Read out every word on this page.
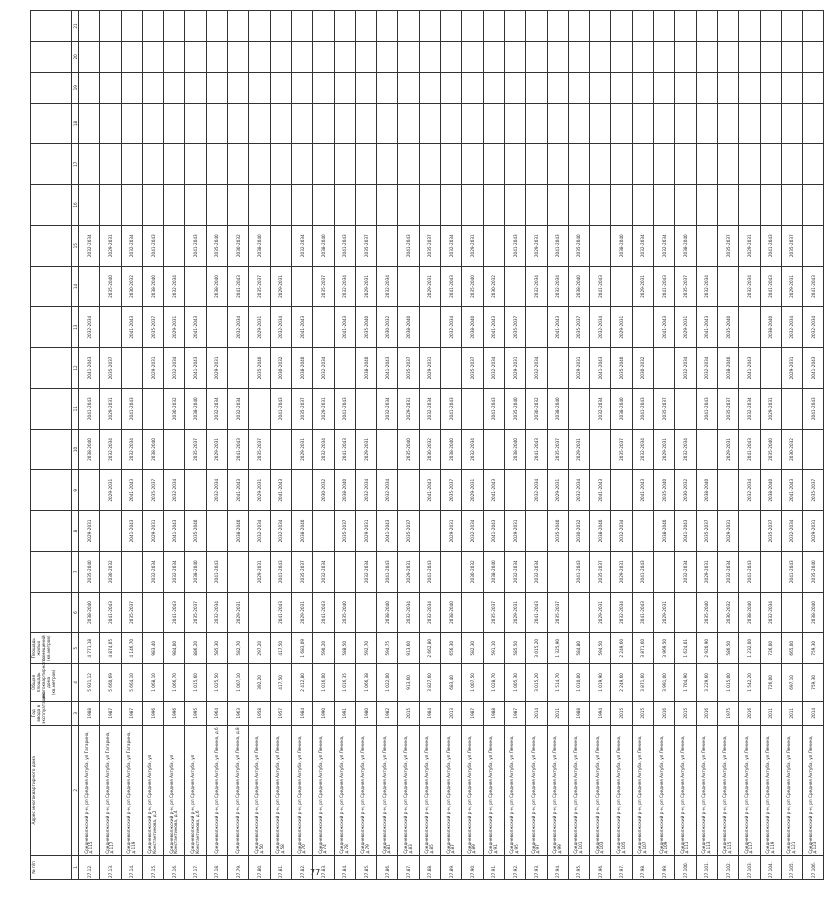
77
№ п/п	Адрес многоквартирного дома	Год ввода в эксплуатацию	Общая площадь многоквартирного дома (кв.метров)	Площадь жилых помещений (кв.метров)																
1	2	3	4	5	6	7	8	9	10	11	12	13	14	15	16	17	18	19	20	21
27.12.	Средневолжский р-н, рп Средняя Ахтуба, ул Гагарина, д.115	1988	5 921,12	4 771,18	2038-2040	2035-2040	2029-2031		2038-2040	2041-2043	2041-2043	2032-2034		2032-2034						
27.13.	Средневолжский р-н, рп Средняя Ахтуба, ул Гагарина, д.117	1987	5 660,69	4 874,05	2041-2043	2030-2032		2029-2031	2032-2034	2029-2031	2035-2037		2035-2040	2029-2031						
27.14.	Средневолжский р-н, рп Средняя Ахтуба, ул Гагарина, д.119	1987	5 664,10	4 146,70	2035-2037		2041-2043	2041-2043	2032-2034	2041-2043		2041-2043	2030-2032	2032-2034						
27.15.	Средневолжский р-н, рп Средняя Ахтуба, ул Константинова, д.2	1996	1 068,10	983,40		2032-2034	2029-2031	2035-2037	2038-2040		2029-2031	2035-2037	2038-2040	2041-2043						
27.16.	Средневолжский р-н, рп Средняя Ахтуба, ул Константинова, д.4	1996	1 066,70	984,00	2041-2043	2032-2034	2041-2043	2032-2034		2030-2032	2032-2034	2029-2031	2032-2034							
27.17.	Средневолжский р-н, рп Средняя Ахтуба, ул Константинова, д.6	1995	1 015,60	886,20	2035-2037	2038-2040	2035-2040		2035-2037	2038-2040	2041-2043	2041-2043		2041-2043						
27.18.	Средневолжский р-н, рп Средняя Ахтуба, ул Ленина, д.6	1964	1 025,50	585,30	2032-2034	2041-2043		2032-2034	2029-2031	2032-2034	2029-2031		2038-2040	2035-2040						
27.79.	Средневолжский р-н, рп Средняя Ахтуба, ул Ленина, д.8	1963	1 007,10	582,70	2029-2031		2038-2040	2041-2043	2041-2043	2032-2034		2032-2034	2041-2043	2030-2032						
27.80.	Средневолжский р-н, рп Средняя Ахтуба, ул Ленина, д.50	1958	392,20	297,20		2029-2031	2032-2034	2029-2031	2035-2037		2035-2040	2029-2031	2035-2037	2038-2040						
27.81.	Средневолжский р-н, рп Средняя Ахтуба, ул Ленина, д.58	1957	417,50	417,50	2041-2043	2041-2043	2032-2034	2041-2043		2041-2043	2030-2032	2032-2034	2029-2031							
27.82.	Средневолжский р-н, рп Средняя Ахтуба, ул Ленина, д.70	1984	2 412,80	1 683,09	2029-2031	2035-2037	2038-2040		2029-2031	2035-2037	2038-2040	2041-2043		2032-2034						
27.83.	Средневолжский р-н, рп Средняя Ахтуба, ул Ленина, д.74	1990	1 016,00	590,20	2041-2043	2032-2034		2030-2032	2032-2034	2029-2031	2032-2034		2035-2037	2038-2040						
27.84.	Средневолжский р-н, рп Средняя Ахтуба, ул Ленина, д.78	1991	1 016,35	588,50	2035-2040		2035-2037	2038-2040	2041-2043	2041-2043		2041-2043	2032-2034	2041-2043						
27.85.	Средневолжский р-н, рп Средняя Ахтуба, ул Ленина, д.79	1980	1 066,38	592,70		2032-2034	2029-2031	2032-2034	2029-2031		2038-2040	2035-2040	2029-2031	2035-2037						
27.86.	Средневолжский р-н, рп Средняя Ахтуба, ул Ленина, д.81	1982	1 022,00	594,75	2038-2040	2041-2043	2041-2043	2032-2034		2032-2034	2041-2043	2030-2032	2032-2034							
27.87.	Средневолжский р-н, рп Средняя Ахтуба, ул Ленина, д.83	2015	913,60	913,60	2032-2034	2029-2031	2035-2037		2035-2040	2029-2031	2035-2037	2038-2040		2041-2043						
27.88.	Средневолжский р-н, рп Средняя Ахтуба, ул Ленина, д.85	1984	3 827,60	2 662,80	2032-2034	2041-2043		2041-2043	2030-2032	2032-2034	2029-2031		2029-2031	2035-2037						
27.89.	Средневолжский р-н, рп Средняя Ахтуба, ул Ленина, д.87	2013	683,40	656,30	2038-2040		2029-2031	2035-2037	2038-2040	2041-2043		2032-2034	2041-2043	2032-2034						
27.90.	Средневолжский р-н, рп Средняя Ахтуба, ул Ленина, д.89	1987	1 007,50	582,30		2030-2032	2032-2034	2029-2031	2032-2034		2035-2037	2038-2040	2035-2040	2029-2031						
27.91.	Средневолжский р-н, рп Средняя Ахтуба, ул Ленина, д.91	1988	1 028,70	591,10	2035-2037	2038-2040	2041-2043	2041-2043		2041-2043	2032-2034	2041-2043	2030-2032							
27.92.	Средневолжский р-н, рп Средняя Ахтуба, ул Ленина, д.95	1987	1 005,30	585,50	2029-2031	2032-2034	2029-2031		2038-2040	2035-2040	2029-2031	2035-2037		2041-2043						
27.93.	Средневолжский р-н, рп Средняя Ахтуба, ул Ленина, д.97	2014	3 015,20	3 015,20	2041-2043	2032-2034		2032-2034	2041-2043	2030-2032	2032-2034		2032-2034	2029-2031						
27.94.	Средневолжский р-н, рп Средняя Ахтуба, ул Ленина, д.99	2011	1 514,70	1 325,90	2035-2037		2035-2040	2029-2031	2035-2037	2038-2040		2041-2043	2032-2034	2041-2043						
27.95.	Средневолжский р-н, рп Средняя Ахтуба, ул Ленина, д.101	1988	1 010,00	584,80		2041-2043	2030-2032	2032-2034	2029-2031		2029-2031	2035-2037	2038-2040	2035-2040						
27.96.	Средневолжский р-н, рп Средняя Ахтуба, ул Ленина, д.103	1994	1 019,90	594,50	2029-2031	2035-2037	2038-2040	2041-2043		2032-2034	2041-2043	2032-2034	2041-2043							
27.97.	Средневолжский р-н, рп Средняя Ахтуба, ул Ленина, д.105	2015	2 249,60	2 249,60	2032-2034	2029-2031	2032-2034		2035-2037	2038-2040	2035-2040	2029-2031		2038-2040						
27.98.	Средневолжский р-н, рп Средняя Ахтуба, ул Ленина, д.107	2015	3 871,60	3 871,60	2041-2043	2041-2043		2041-2043	2032-2034	2041-2043	2030-2032		2029-2031	2032-2034						
27.99.	Средневолжский р-н, рп Средняя Ахтуба, ул Ленина, д.109	2016	3 991,00	3 969,50	2029-2031		2038-2040	2035-2040	2029-2031	2035-2037		2041-2043	2041-2043	2032-2034						
27.100.	Средневолжский р-н, рп Средняя Ахтуба, ул Ленина, д.111	2015	1 704,90	1 624,01		2032-2034	2041-2043	2030-2032	2032-2034		2032-2034	2029-2031	2035-2037	2038-2040						
27.101.	Средневолжский р-н, рп Средняя Ахтуба, ул Ленина, д.113	2016	3 229,60	2 920,90	2035-2040	2029-2031	2035-2037	2038-2040		2041-2043	2032-2034	2041-2043	2032-2034							
27.102.	Средневолжский р-н, рп Средняя Ахтуба, ул Ленина, д.115	1975	1 015,00	586,50	2030-2032	2032-2034	2029-2031		2029-2031	2035-2037	2038-2040	2035-2040		2035-2037						
27.103.	Средневолжский р-н, рп Средняя Ахтуба, ул Ленина, д.117	2016	1 542,20	1 232,00	2038-2040	2041-2043		2032-2034	2041-2043	2032-2034	2041-2043		2032-2034	2029-2031						
27.104.	Средневолжский р-н, рп Средняя Ахтуба, ул Ленина, д.119	2011	726,00	726,00	2032-2034		2035-2037	2038-2040	2035-2040	2029-2031		2038-2040	2041-2043	2041-2043						
27.105.	Средневолжский р-н, рп Средняя Ахтуба, ул Ленина, д.121	2011	697,10	665,00		2041-2043	2032-2034	2041-2043	2030-2032		2029-2031	2032-2034	2029-2031	2035-2037						
27.106.	Средневолжский р-н, рп Средняя Ахтуба, ул Ленина, д.123	2014	759,30	759,30	2038-2040	2035-2040	2029-2031	2035-2037		2041-2043	2041-2043	2032-2034	2041-2043							
